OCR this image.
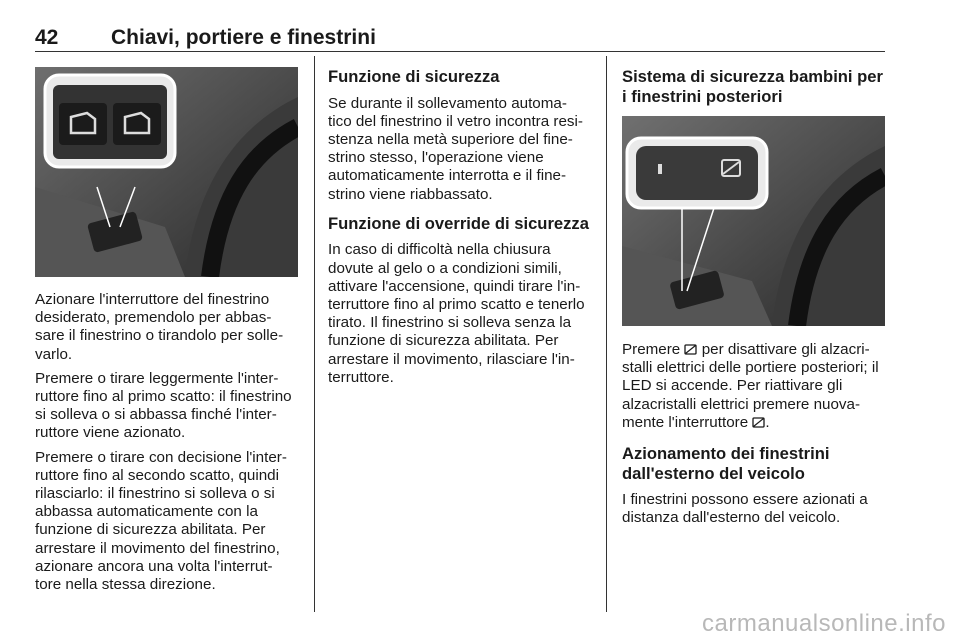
42	Chiavi, portiere e finestrini

Azionare l'interruttore del finestrino desiderato, premendolo per abbas- sare il finestrino o tirandolo per solle- varlo.

Premere o tirare leggermente l'inter- ruttore fino al primo scatto: il finestrino si solleva o si abbassa finché l'inter- ruttore viene azionato.

Premere o tirare con decisione l'inter- ruttore fino al secondo scatto, quindi rilasciarlo: il finestrino si solleva o si abbassa automaticamente con la funzione di sicurezza abilitata. Per arrestare il movimento del finestrino, azionare ancora una volta l'interrut- tore nella stessa direzione.

Funzione di sicurezza

Se durante il sollevamento automa- tico del finestrino il vetro incontra resi- stenza nella metà superiore del fine- strino stesso, l'operazione viene automaticamente interrotta e il fine- strino viene riabbassato.

Funzione di override di sicurezza

In caso di difficoltà nella chiusura dovute al gelo o a condizioni simili, attivare l'accensione, quindi tirare l'in- terruttore fino al primo scatto e tenerlo tirato. Il finestrino si solleva senza la funzione di sicurezza abilitata. Per arrestare il movimento, rilasciare l'in- terruttore.

Sistema di sicurezza bambini per
i finestrini posteriori

Premere per disattivare gli alzacri- stalli elettrici delle portiere posteriori; il LED si accende. Per riattivare gli alzacristalli elettrici premere nuova- mente l'interruttore .

Azionamento dei finestrini
dall'esterno del veicolo

I finestrini possono essere azionati a distanza dall'esterno del veicolo.

carmanualsonline.info
